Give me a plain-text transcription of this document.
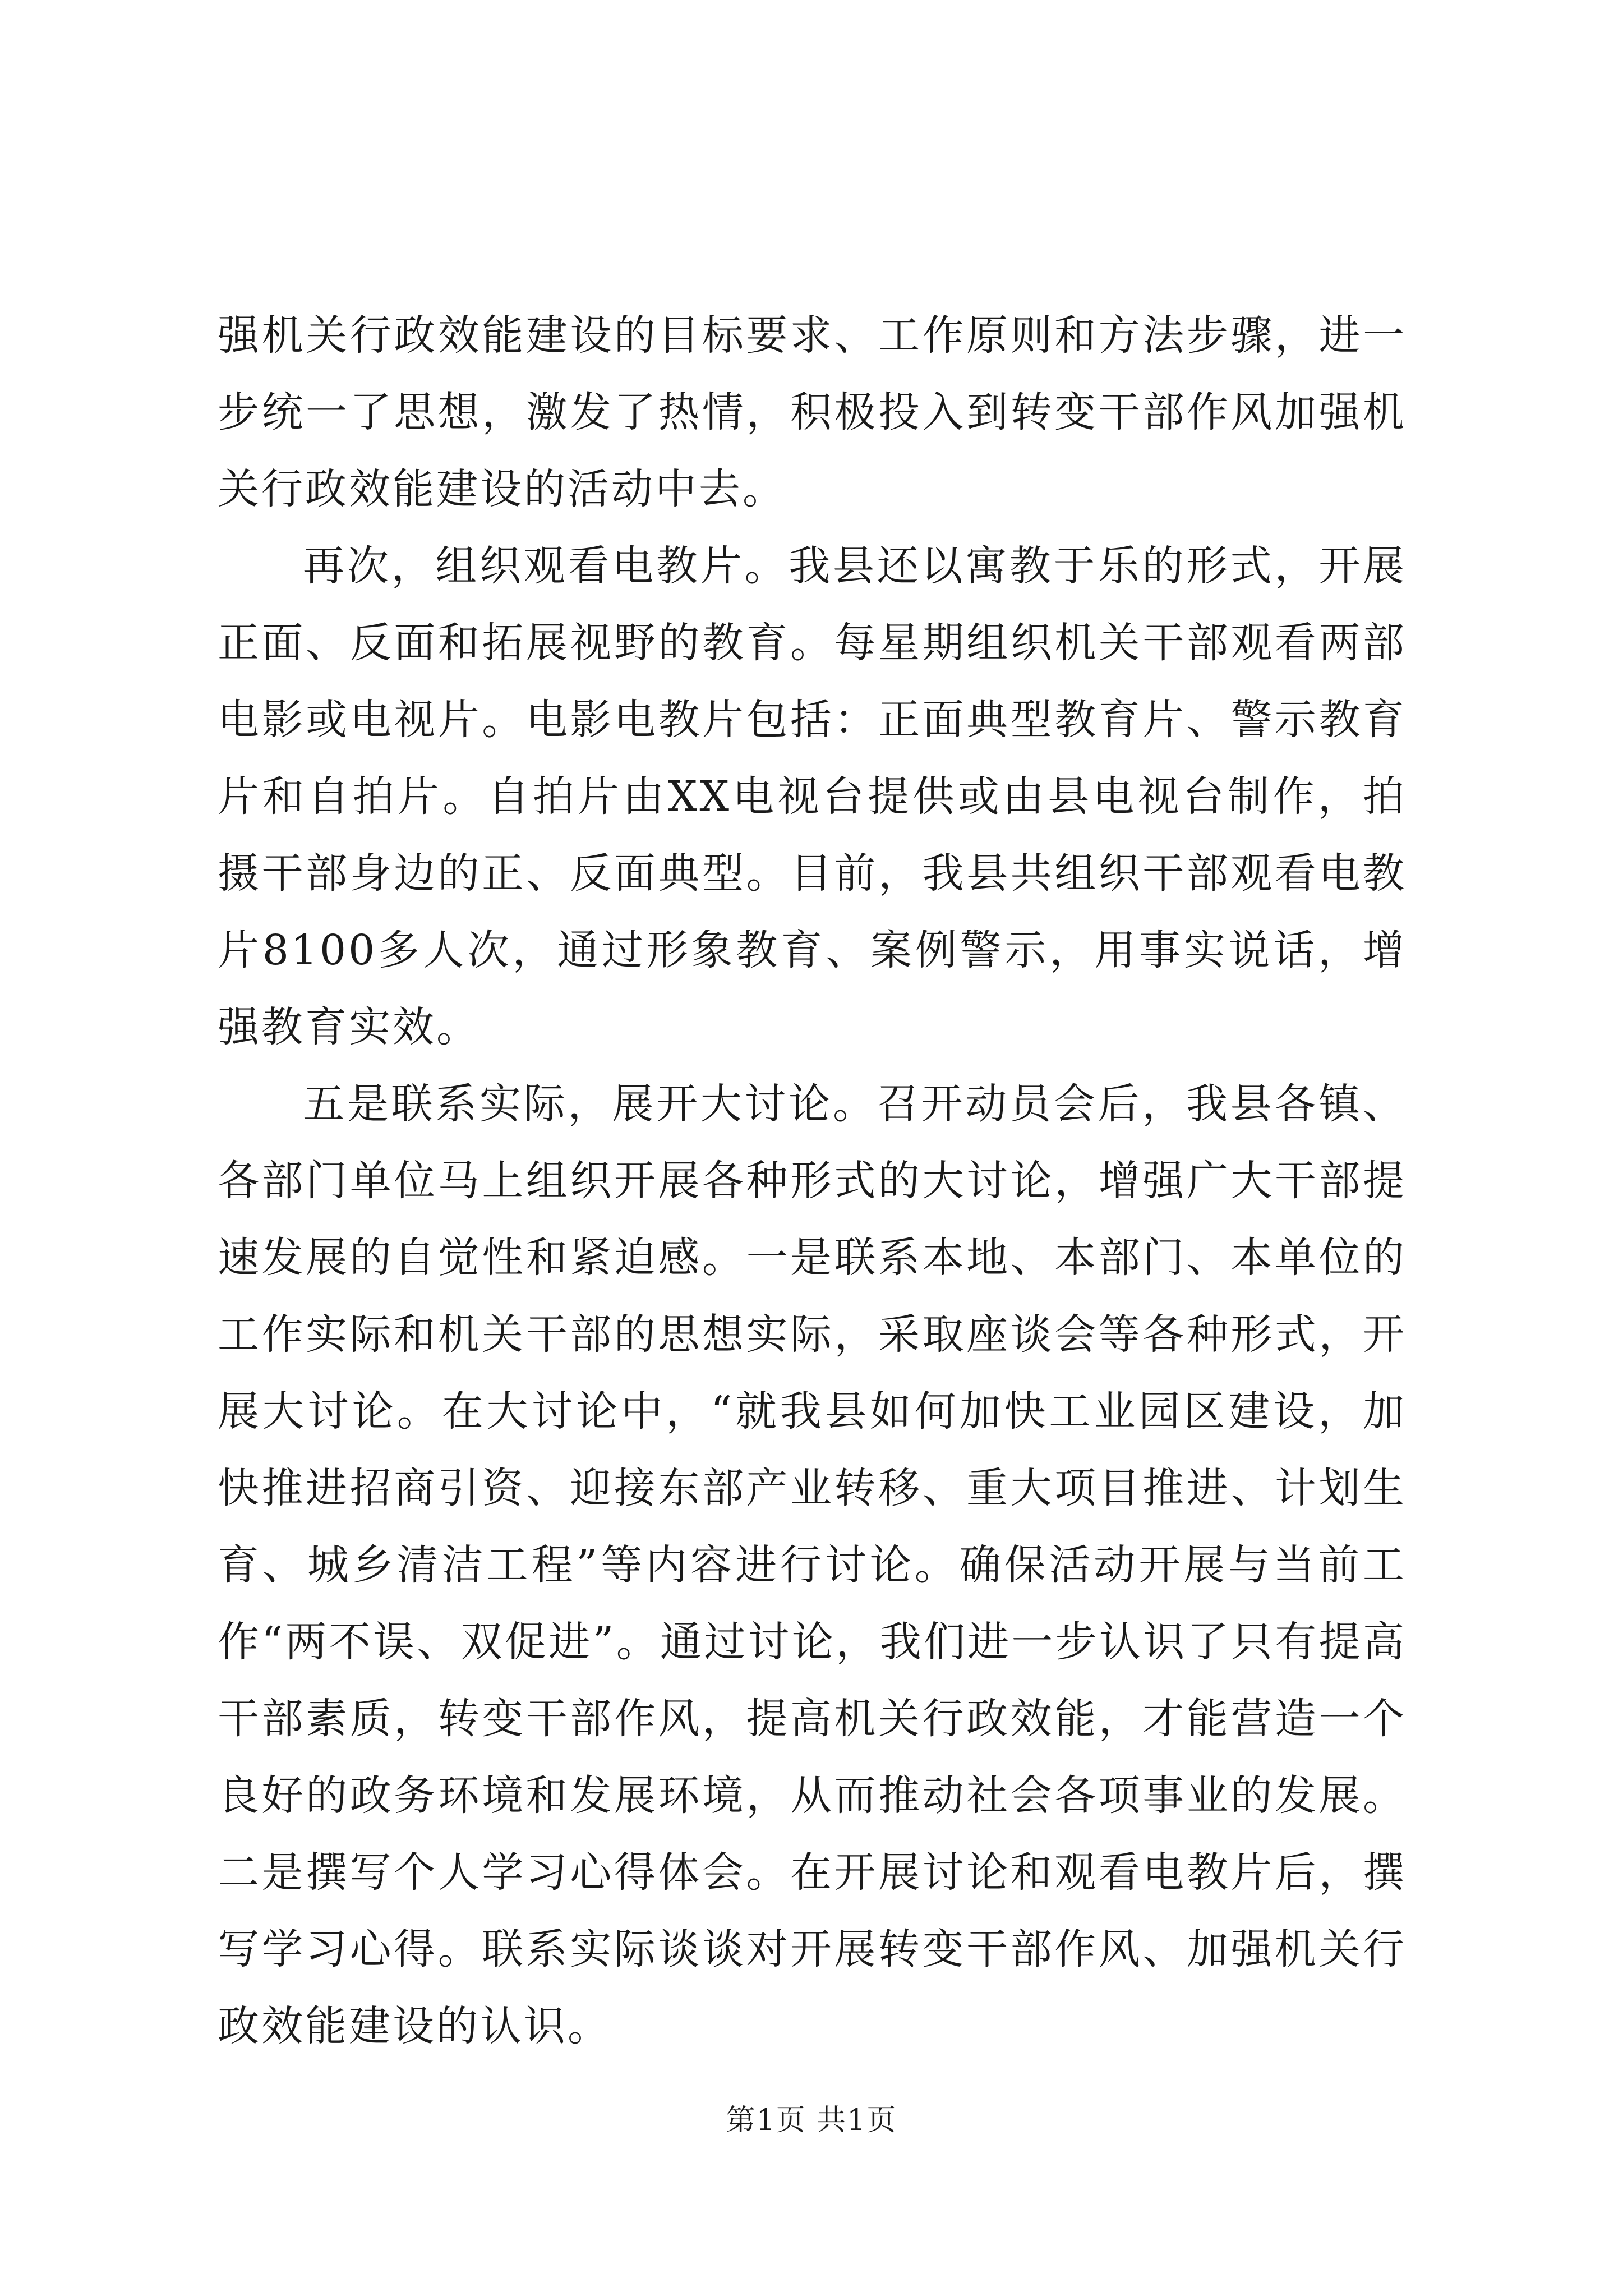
强机关行政效能建设的目标要求、工作原则和方法步骤，进一步统一了思想，激发了热情，积极投入到转变干部作风加强机关行政效能建设的活动中去。

再次，组织观看电教片。我县还以寓教于乐的形式，开展正面、反面和拓展视野的教育。每星期组织机关干部观看两部电影或电视片。电影电教片包括：正面典型教育片、警示教育片和自拍片。自拍片由XX电视台提供或由县电视台制作，拍摄干部身边的正、反面典型。目前，我县共组织干部观看电教片8100多人次，通过形象教育、案例警示，用事实说话，增强教育实效。

五是联系实际，展开大讨论。召开动员会后，我县各镇、各部门单位马上组织开展各种形式的大讨论，增强广大干部提速发展的自觉性和紧迫感。一是联系本地、本部门、本单位的工作实际和机关干部的思想实际，采取座谈会等各种形式，开展大讨论。在大讨论中，“就我县如何加快工业园区建设，加快推进招商引资、迎接东部产业转移、重大项目推进、计划生育、城乡清洁工程”等内容进行讨论。确保活动开展与当前工作“两不误、双促进”。通过讨论，我们进一步认识了只有提高干部素质，转变干部作风，提高机关行政效能，才能营造一个良好的政务环境和发展环境，从而推动社会各项事业的发展。二是撰写个人学习心得体会。在开展讨论和观看电教片后，撰写学习心得。联系实际谈谈对开展转变干部作风、加强机关行政效能建设的认识。

第1页 共1页
